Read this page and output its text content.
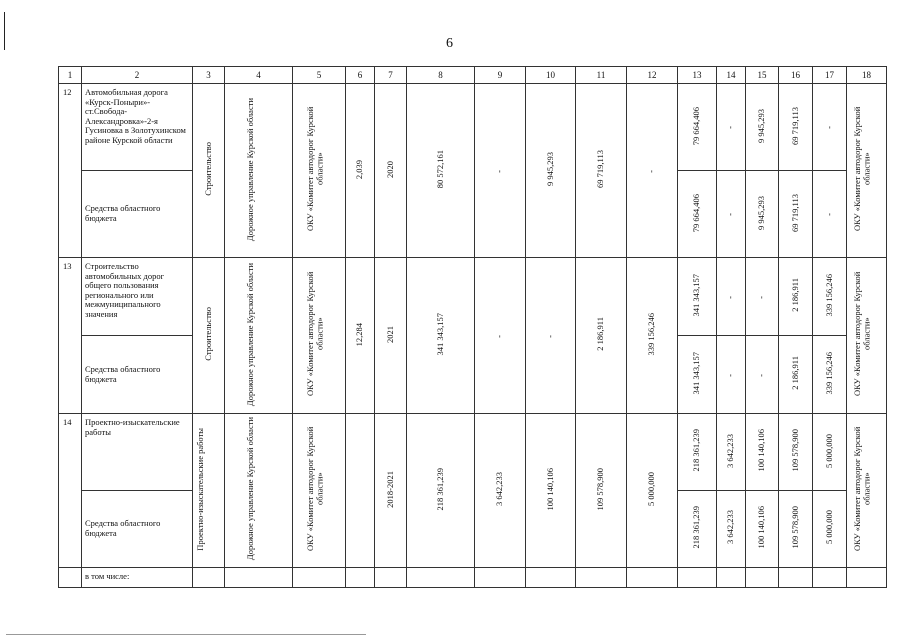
6
1	2	3	4	5	6	7	8	9	10	11	12	13	14	15	16	17	18
12	Автомобильная дорога «Курск-Поныри»-ст.Свобода-Александровка»-2-я Гусиновка в Золотухинском районе Курской области	Строительство	Дорожное управление Курской области	ОКУ «Комитет автодорог Курской области»	2,039	2020	80 572,161	-	9 945,293	69 719,113	-	79 664,406	-	9 945,293	69 719,113	-	ОКУ «Комитет автодорог Курской области»
	Средства областного бюджета											79 664,406	-	9 945,293	69 719,113	-	
13	Строительство автомобильных дорог общего пользования регионального или межмуниципального значения	Строительство	Дорожное управление Курской области	ОКУ «Комитет автодорог Курской области»	12,284	2021	341 343,157	-	-	2 186,911	339 156,246	341 343,157	-	-	2 186,911	339 156,246	ОКУ «Комитет автодорог Курской области»
	Средства областного бюджета											341 343,157	-	-	2 186,911	339 156,246	
14	Проектно-изыскательские работы	Проектно-изыскательские работы	Дорожное управление Курской области	ОКУ «Комитет автодорог Курской области»		2018-2021	218 361,239	3 642,233	100 140,106	109 578,900	5 000,000	218 361,239	3 642,233	100 140,106	109 578,900	5 000,000	ОКУ «Комитет автодорог Курской области»
	Средства областного бюджета											218 361,239	3 642,233	100 140,106	109 578,900	5 000,000	
	в том числе:																
